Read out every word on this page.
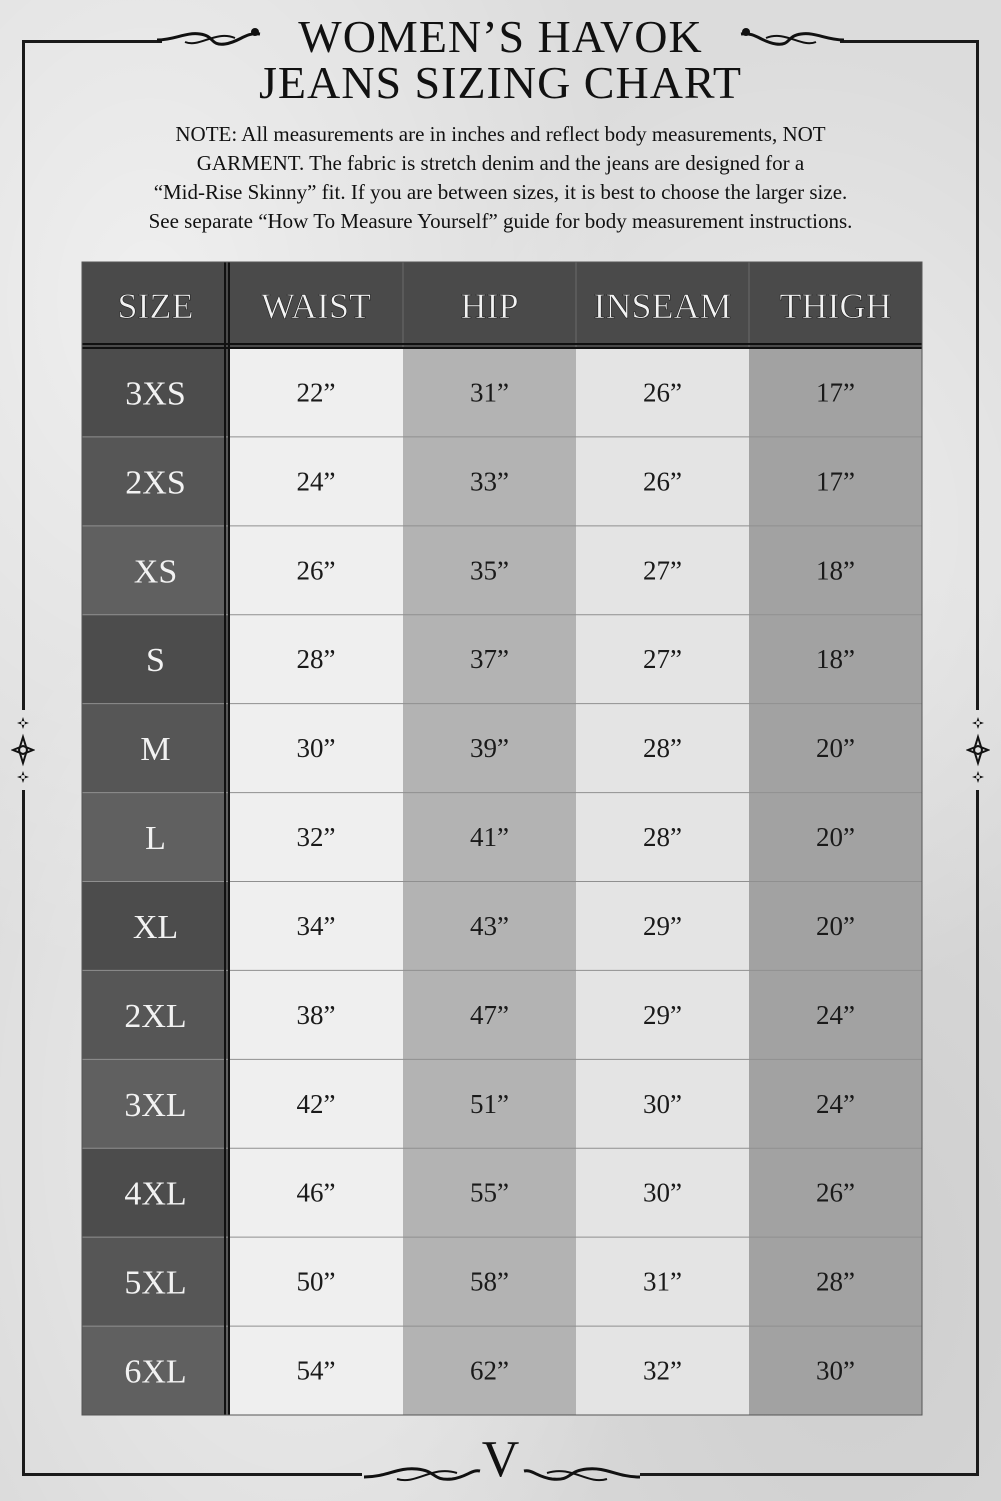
WOMEN’S HAVOK
JEANS SIZING CHART
NOTE: All measurements are in inches and reflect body measurements, NOT
GARMENT. The fabric is stretch denim and the jeans are designed for a
“Mid-Rise Skinny” fit. If you are between sizes, it is best to choose the larger size.
See separate “How To Measure Yourself” guide for body measurement instructions.
SIZE WAIST HIP INSEAM THIGH
3XS	22”	31”	26”	17”
2XS	24”	33”	26”	17”
XS	26”	35”	27”	18”
S	28”	37”	27”	18”
M	30”	39”	28”	20”
L	32”	41”	28”	20”
XL	34”	43”	29”	20”
2XL	38”	47”	29”	24”
3XL	42”	51”	30”	24”
4XL	46”	55”	30”	26”
5XL	50”	58”	31”	28”
6XL	54”	62”	32”	30”
V
